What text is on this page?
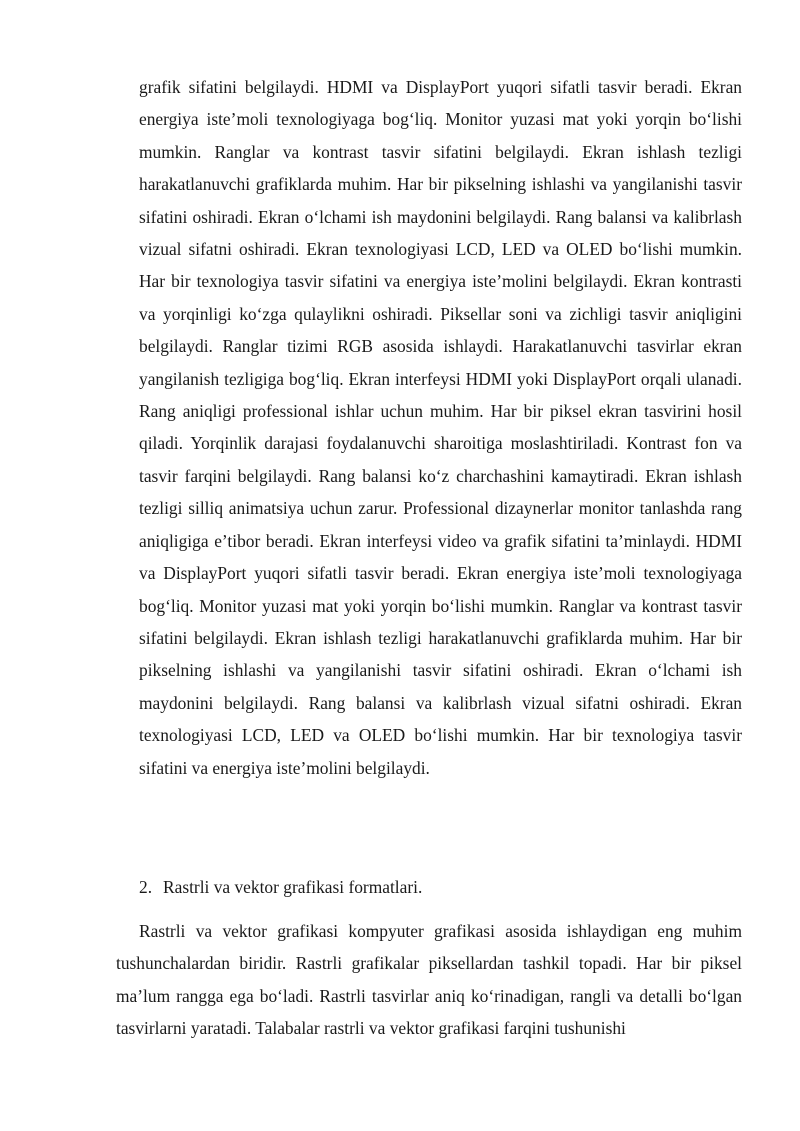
grafik sifatini belgilaydi. HDMI va DisplayPort yuqori sifatli tasvir beradi. Ekran energiya iste’moli texnologiyaga bog‘liq. Monitor yuzasi mat yoki yorqin bo‘lishi mumkin. Ranglar va kontrast tasvir sifatini belgilaydi. Ekran ishlash tezligi harakatlanuvchi grafiklarda muhim. Har bir pikselning ishlashi va yangilanishi tasvir sifatini oshiradi. Ekran o‘lchami ish maydonini belgilaydi. Rang balansi va kalibrlash vizual sifatni oshiradi. Ekran texnologiyasi LCD, LED va OLED bo‘lishi mumkin. Har bir texnologiya tasvir sifatini va energiya iste’molini belgilaydi. Ekran kontrasti va yorqinligi ko‘zga qulaylikni oshiradi. Piksellar soni va zichligi tasvir aniqligini belgilaydi. Ranglar tizimi RGB asosida ishlaydi. Harakatlanuvchi tasvirlar ekran yangilanish tezligiga bog‘liq. Ekran interfeysi HDMI yoki DisplayPort orqali ulanadi. Rang aniqligi professional ishlar uchun muhim. Har bir piksel ekran tasvirini hosil qiladi. Yorqinlik darajasi foydalanuvchi sharoitiga moslashtiriladi. Kontrast fon va tasvir farqini belgilaydi. Rang balansi ko‘z charchashini kamaytiradi. Ekran ishlash tezligi silliq animatsiya uchun zarur. Professional dizaynerlar monitor tanlashda rang aniqligiga e’tibor beradi. Ekran interfeysi video va grafik sifatini ta’minlaydi. HDMI va DisplayPort yuqori sifatli tasvir beradi. Ekran energiya iste’moli texnologiyaga bog‘liq. Monitor yuzasi mat yoki yorqin bo‘lishi mumkin. Ranglar va kontrast tasvir sifatini belgilaydi. Ekran ishlash tezligi harakatlanuvchi grafiklarda muhim. Har bir pikselning ishlashi va yangilanishi tasvir sifatini oshiradi. Ekran o‘lchami ish maydonini belgilaydi. Rang balansi va kalibrlash vizual sifatni oshiradi. Ekran texnologiyasi LCD, LED va OLED bo‘lishi mumkin. Har bir texnologiya tasvir sifatini va energiya iste’molini belgilaydi.

2. Rastrli va vektor grafikasi formatlari.

Rastrli va vektor grafikasi kompyuter grafikasi asosida ishlaydigan eng muhim tushunchalardan biridir. Rastrli grafikalar piksellardan tashkil topadi. Har bir piksel ma’lum rangga ega bo‘ladi. Rastrli tasvirlar aniq ko‘rinadigan, rangli va detalli bo‘lgan tasvirlarni yaratadi. Talabalar rastrli va vektor grafikasi farqini tushunishi
